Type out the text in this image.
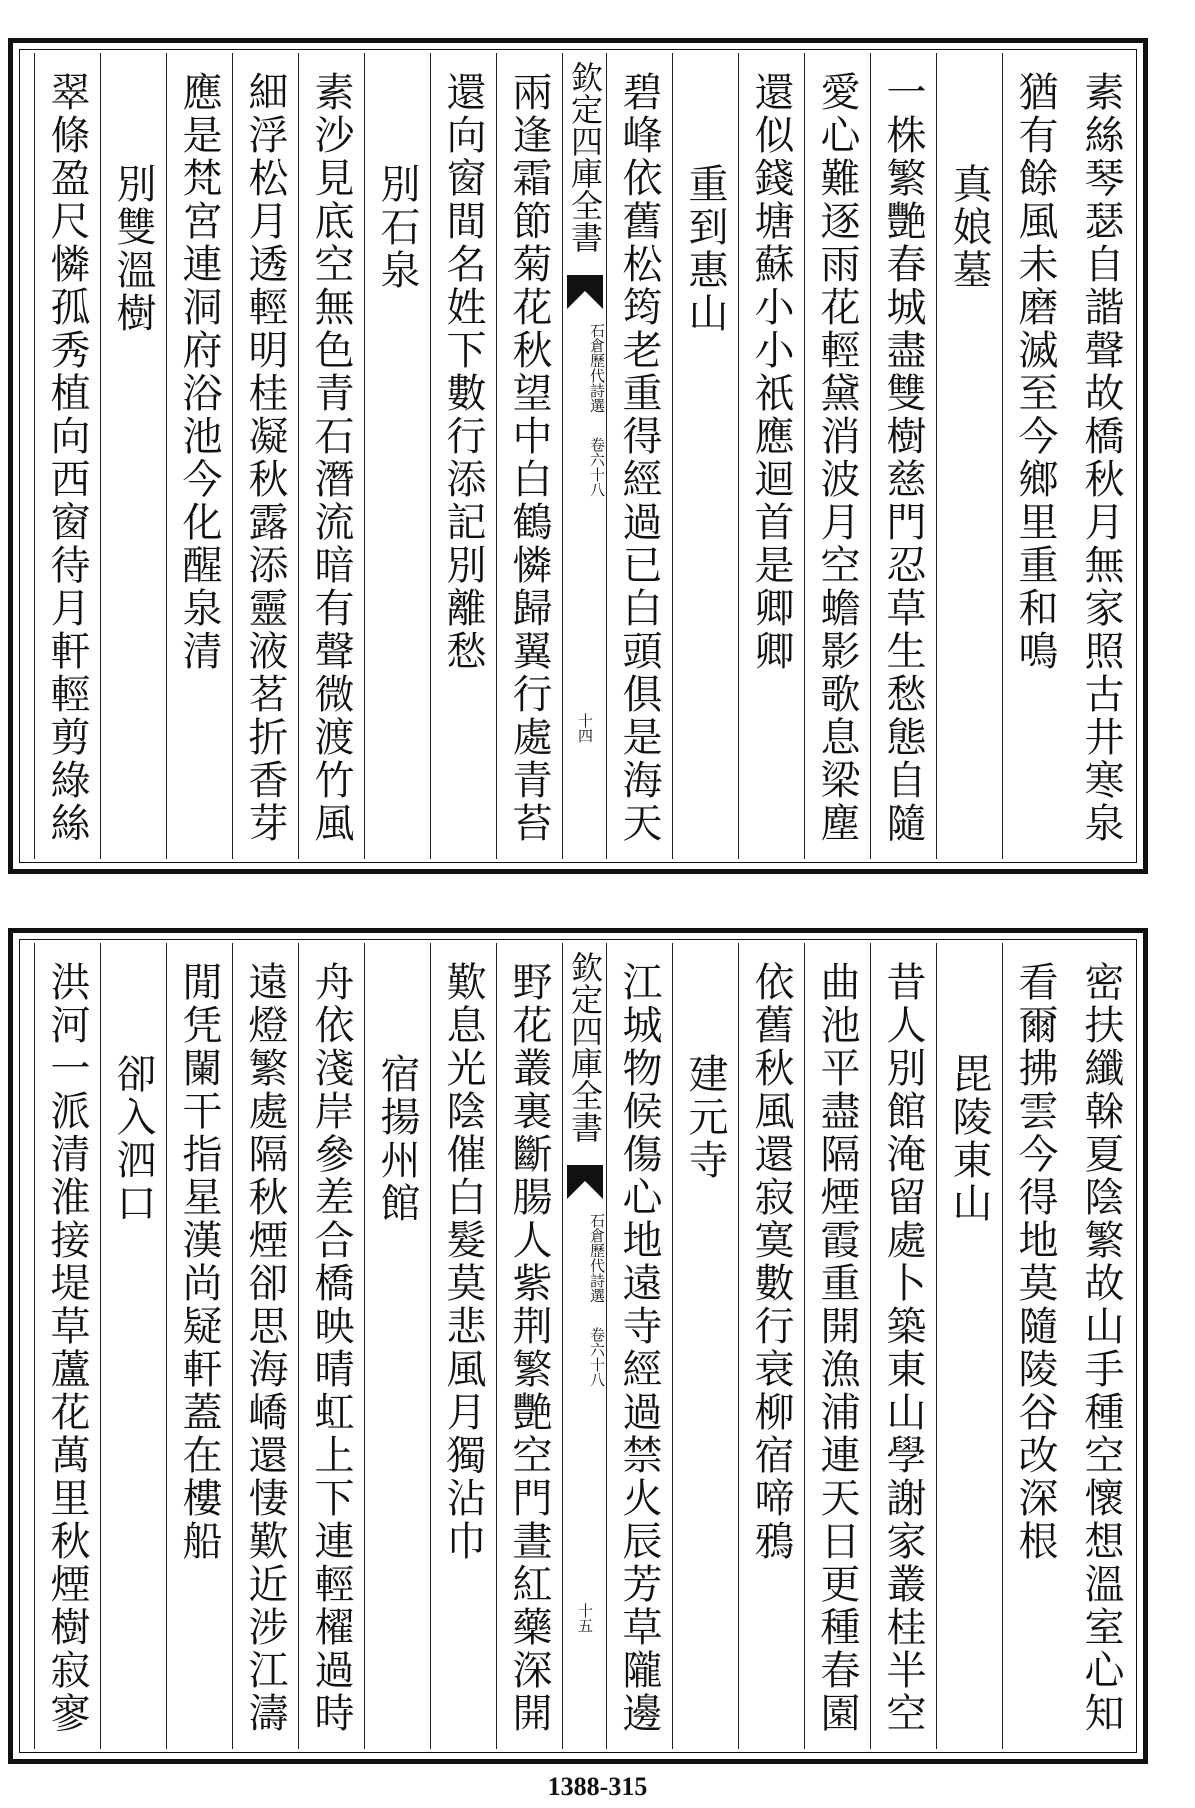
素絲琴瑟自諧聲故橋秋月無家照古井寒泉
猶有餘風未磨滅至今鄉里重和鳴
真娘墓
一株繁艷春城盡雙樹慈門忍草生愁態自隨
愛心難逐雨花輕黛消波月空蟾影歌息梁塵
還似錢塘蘇小小祇應迴首是卿卿
重到惠山
碧峰依舊松筠老重得經過已白頭俱是海天
欽定四庫全書
石倉歷代詩選
卷六十八
十四
兩逢霜節菊花秋望中白鶴憐歸翼行處青苔
還向窗間名姓下數行添記別離愁
別石泉
素沙見底空無色青石潛流暗有聲微渡竹風
細浮松月透輕明桂凝秋露添靈液茗折香芽
應是梵宮連洞府浴池今化醒泉清
別雙溫樹
翠條盈尺憐孤秀植向西窗待月軒輕剪綠絲
密扶纖榦夏陰繁故山手種空懷想溫室心知
看爾拂雲今得地莫隨陵谷改深根
毘陵東山
昔人別館淹留處卜築東山學謝家叢桂半空
曲池平盡隔煙霞重開漁浦連天日更種春園
依舊秋風還寂寞數行衰柳宿啼鴉
建元寺
江城物候傷心地遠寺經過禁火辰芳草隴邊
欽定四庫全書
石倉歷代詩選
卷六十八
十五
野花叢裏斷腸人紫荆繁艷空門晝紅藥深開
歎息光陰催白髮莫悲風月獨沾巾
宿揚州館
舟依淺岸參差合橋映晴虹上下連輕櫂過時
遠燈繁處隔秋煙卻思海嶠還悽歎近涉江濤
閒凭闌干指星漢尚疑軒蓋在樓船
卻入泗口
洪河一派清淮接堤草蘆花萬里秋煙樹寂寥
1388-315
